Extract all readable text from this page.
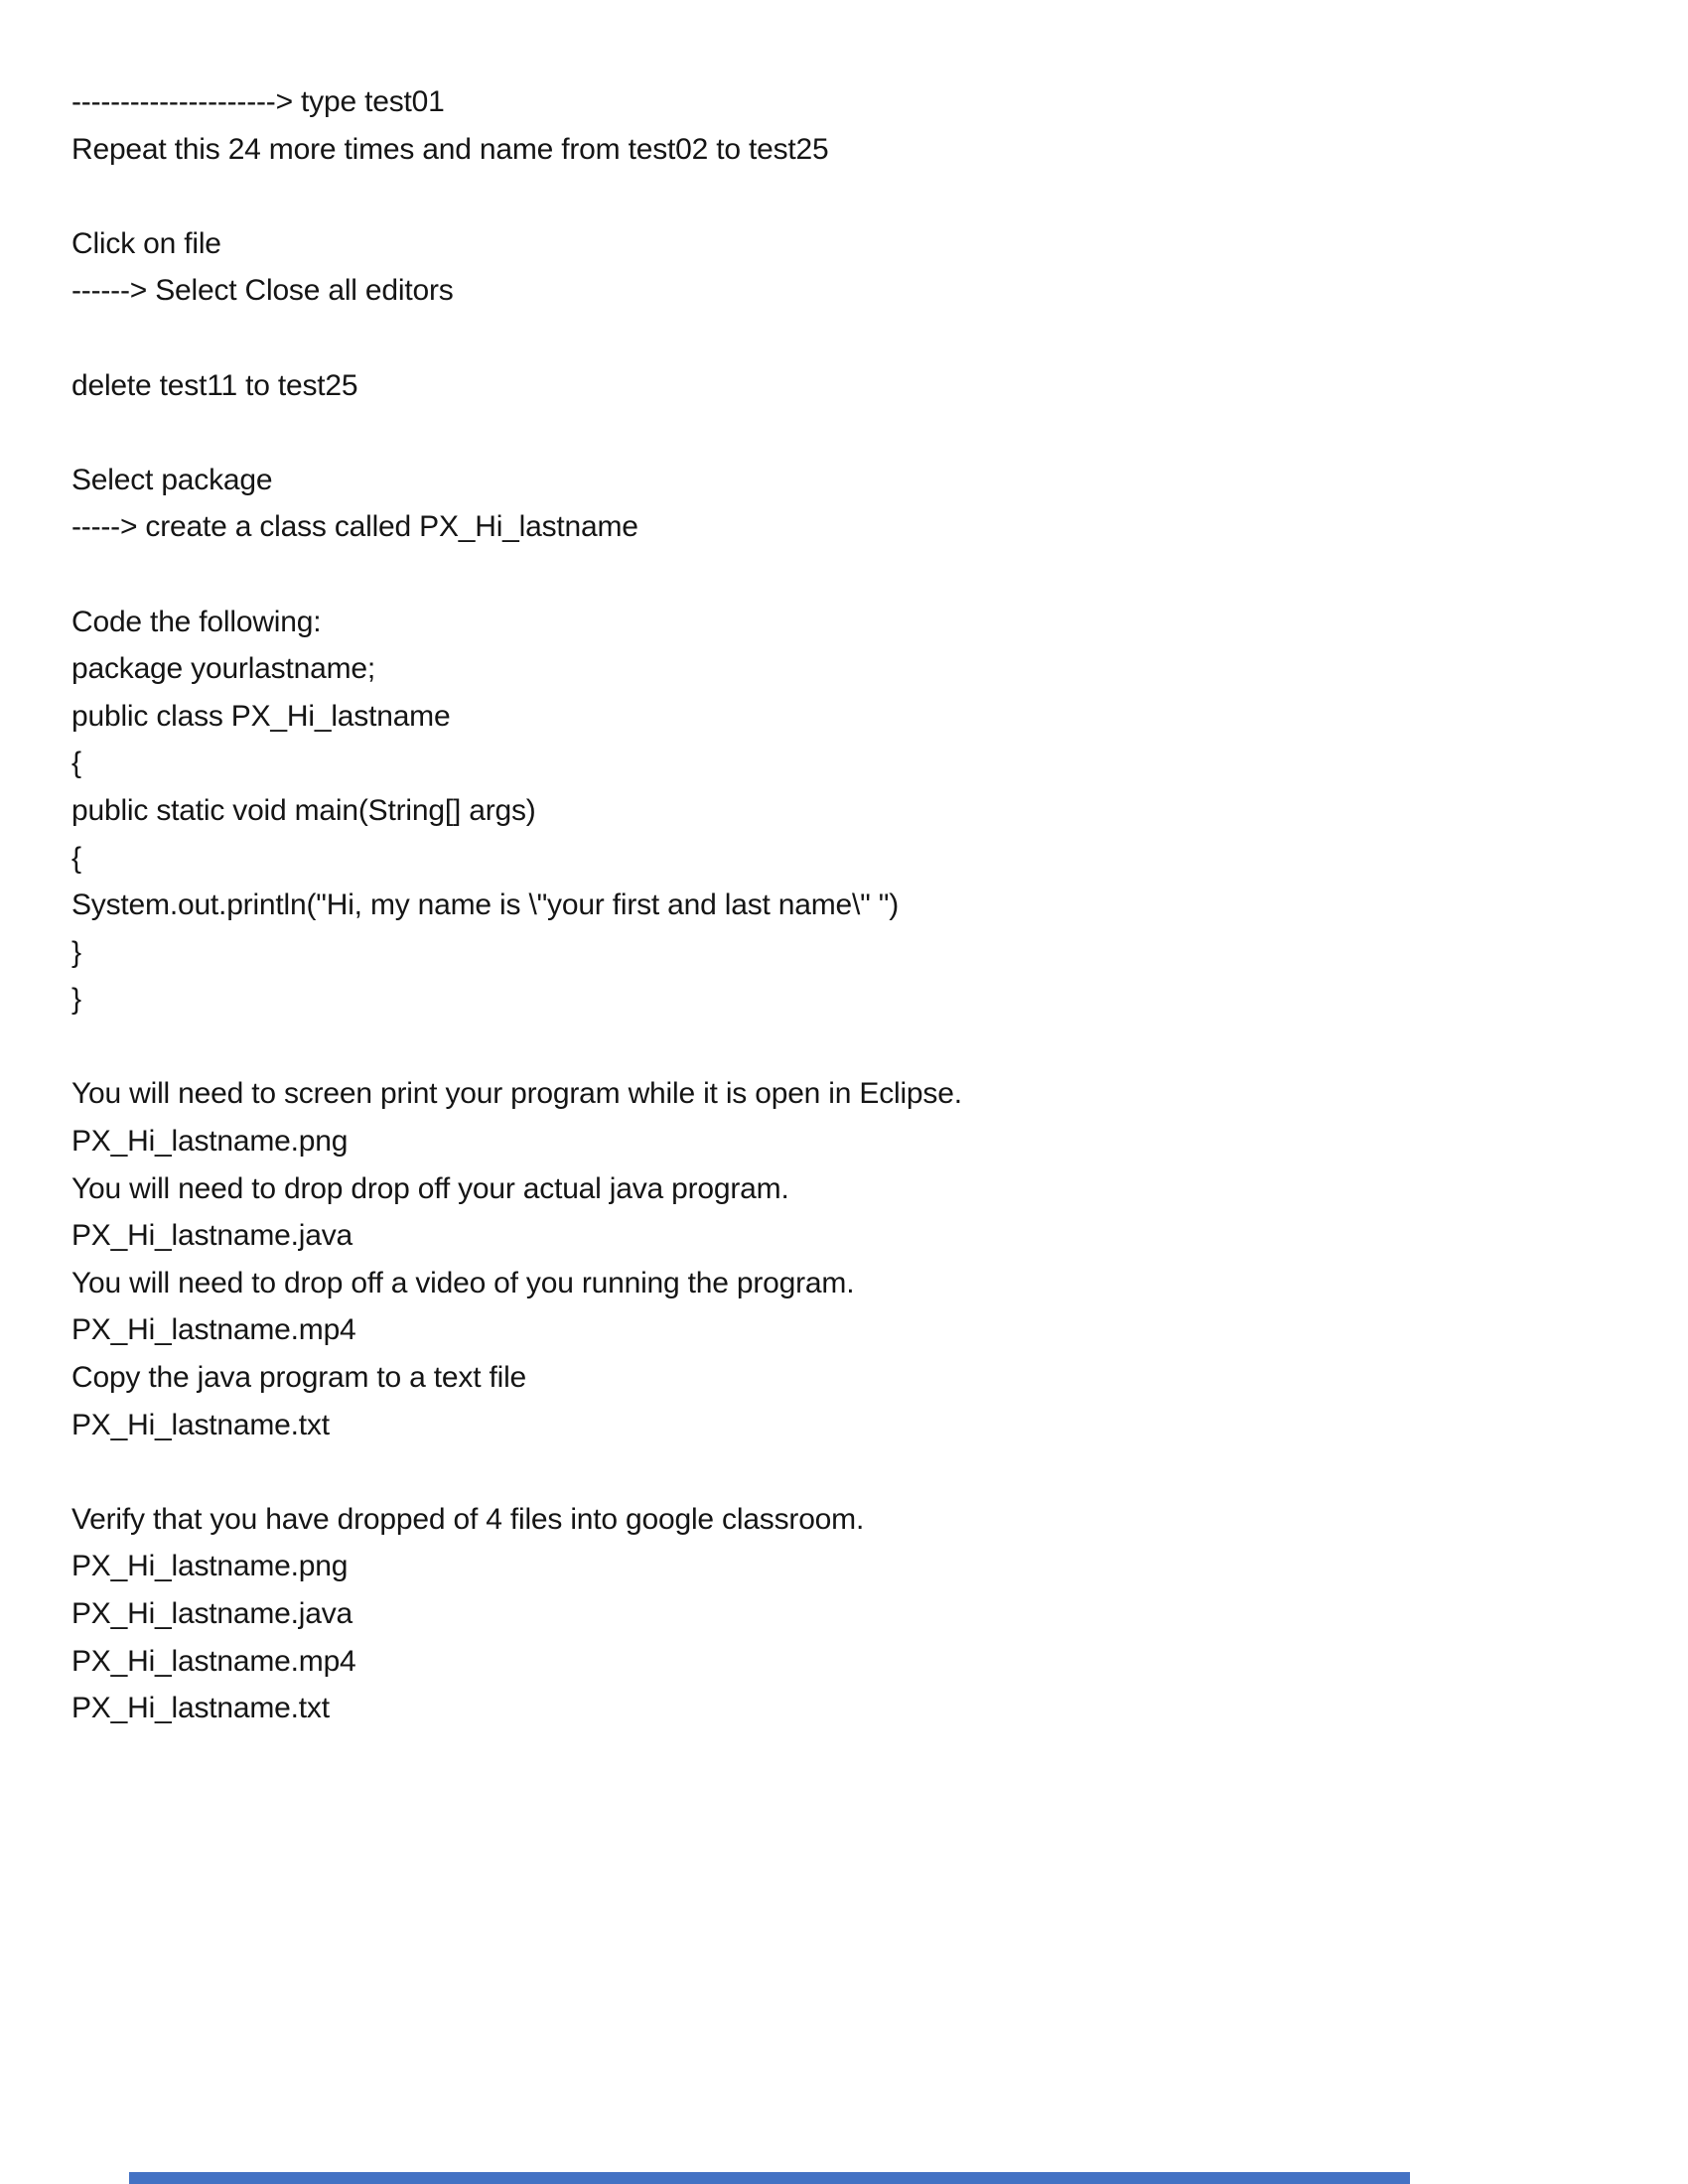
---------------------> type test01
Repeat this 24 more times and name from test02 to test25

Click on file
------> Select Close all editors

delete test11 to test25

Select package
-----> create a class called PX_Hi_lastname

Code the following:
package yourlastname;
public class PX_Hi_lastname
{
public static void main(String[] args)
{
System.out.println("Hi, my name is \"your first and last name\" ")
}
}

You will need to screen print your program while it is open in Eclipse.
PX_Hi_lastname.png
You will need to drop drop off your actual java program.
PX_Hi_lastname.java
You will need to drop off a video of you running the program.
PX_Hi_lastname.mp4
Copy the java program to a text file
PX_Hi_lastname.txt

Verify that you have dropped of 4 files into google classroom.
PX_Hi_lastname.png
PX_Hi_lastname.java
PX_Hi_lastname.mp4
PX_Hi_lastname.txt
